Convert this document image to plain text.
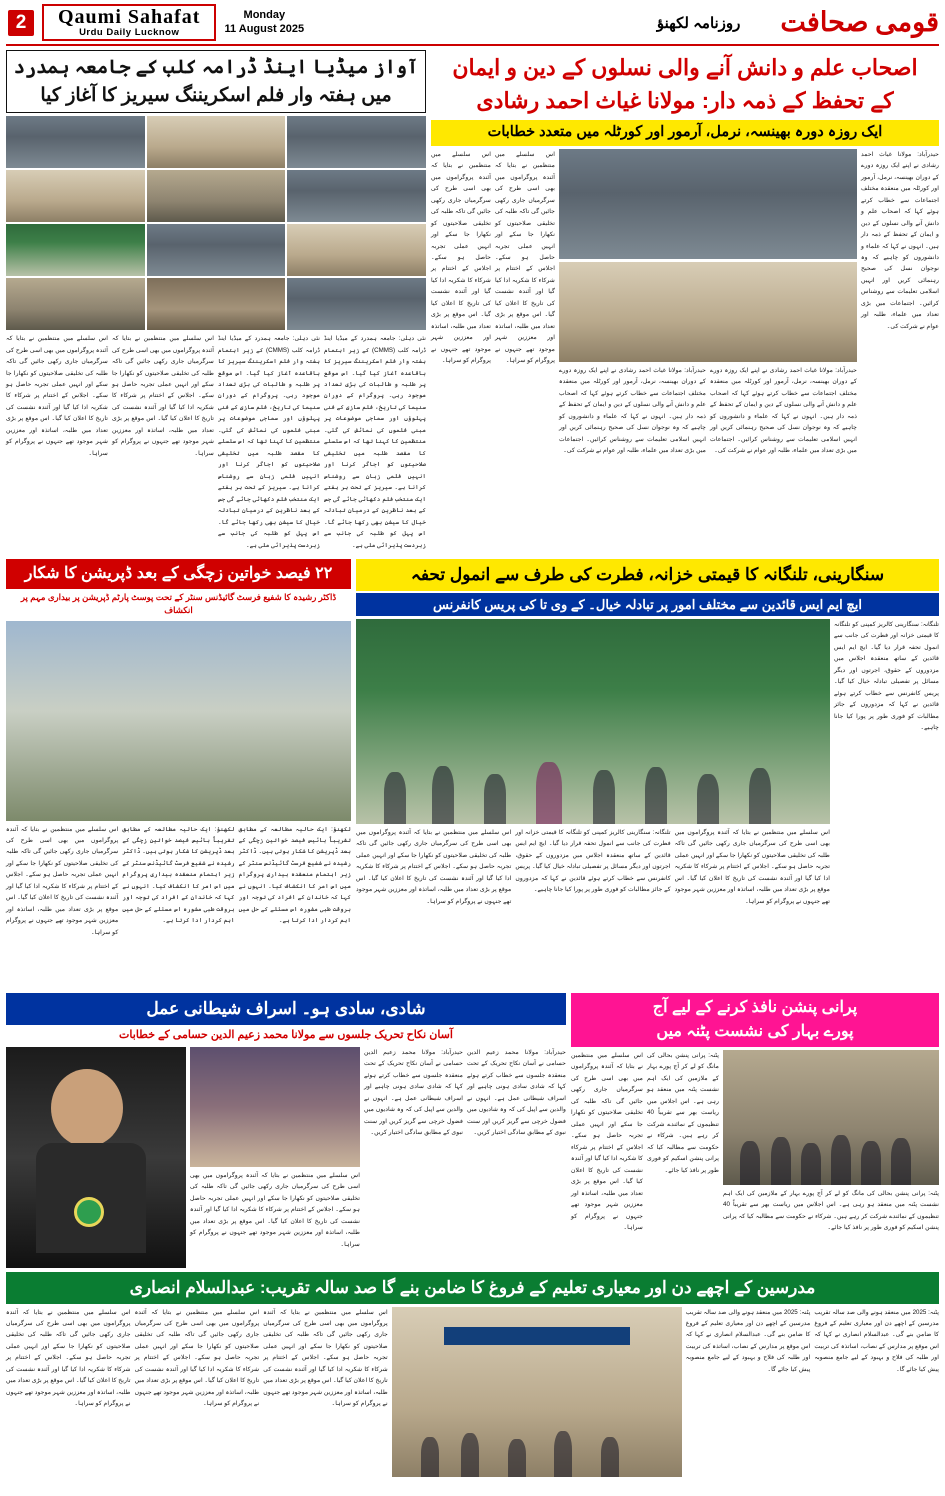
2	Qaumi Sahafat
Urdu Daily Lucknow
Monday
11 August 2025	روزنامہ لکھنؤ قومی صحافت
آواز میڈیا اینڈ ڈرامہ کلب کے جامعہ ہمدرد
میں ہفتہ وار فلم اسکریننگ سیریز کا آغاز کیا
اس سلسلے میں منتظمین نے بتایا کہ آئندہ پروگراموں میں بھی اسی طرح کی سرگرمیاں جاری رکھی جائیں گی تاکہ طلبہ کی تخلیقی صلاحیتوں کو نکھارا جا سکے اور انہیں عملی تجربہ حاصل ہو سکے۔ اجلاس کے اختتام پر شرکاء کا شکریہ ادا کیا گیا اور آئندہ نشست کی تاریخ کا اعلان کیا گیا۔ اس موقع پر بڑی تعداد میں طلبہ، اساتذہ اور معززین شہر موجود تھے جنہوں نے پروگرام کو سراہا۔
اس سلسلے میں منتظمین نے بتایا کہ آئندہ پروگراموں میں بھی اسی طرح کی سرگرمیاں جاری رکھی جائیں گی تاکہ طلبہ کی تخلیقی صلاحیتوں کو نکھارا جا سکے اور انہیں عملی تجربہ حاصل ہو سکے۔ اجلاس کے اختتام پر شرکاء کا شکریہ ادا کیا گیا اور آئندہ نشست کی تاریخ کا اعلان کیا گیا۔ اس موقع پر بڑی تعداد میں طلبہ، اساتذہ اور معززین شہر موجود تھے جنہوں نے پروگرام کو سراہا۔
نئی دہلی: جامعہ ہمدرد کے میڈیا اینڈ ڈرامہ کلب (CMMS) کے زیر اہتمام ہفتہ وار فلم اسکریننگ سیریز کا باقاعدہ آغاز کیا گیا۔ اس موقع پر طلبہ و طالبات کی بڑی تعداد موجود رہی۔ پروگرام کے دوران سنیما کی تاریخ، فلم سازی کے فنی پہلوؤں اور سماجی موضوعات پر مبنی فلموں کی نمائش کی گئی۔ منتظمین کا کہنا تھا کہ اس سلسلے کا مقصد طلبہ میں تخلیقی صلاحیتوں کو اجاگر کرنا اور انہیں فلمی زبان سے روشناس کرانا ہے۔ سیریز کے تحت ہر ہفتے ایک منتخب فلم دکھائی جائے گی جس کے بعد ناظرین کے درمیان تبادلہ خیال کا سیشن بھی رکھا جائے گا۔ اس پہل کو طلبہ کی جانب سے زبردست پذیرائی ملی ہے۔
نئی دہلی: جامعہ ہمدرد کے میڈیا اینڈ ڈرامہ کلب (CMMS) کے زیر اہتمام ہفتہ وار فلم اسکریننگ سیریز کا باقاعدہ آغاز کیا گیا۔ اس موقع پر طلبہ و طالبات کی بڑی تعداد موجود رہی۔ پروگرام کے دوران سنیما کی تاریخ، فلم سازی کے فنی پہلوؤں اور سماجی موضوعات پر مبنی فلموں کی نمائش کی گئی۔ منتظمین کا کہنا تھا کہ اس سلسلے کا مقصد طلبہ میں تخلیقی صلاحیتوں کو اجاگر کرنا اور انہیں فلمی زبان سے روشناس کرانا ہے۔ سیریز کے تحت ہر ہفتے ایک منتخب فلم دکھائی جائے گی جس کے بعد ناظرین کے درمیان تبادلہ خیال کا سیشن بھی رکھا جائے گا۔ اس پہل کو طلبہ کی جانب سے زبردست پذیرائی ملی ہے۔
اصحاب علم و دانش آنے والی نسلوں کے دین و ایمان
کے تحفظ کے ذمہ دار: مولانا غیاث احمد رشادی
ایک روزہ دورہ بھینسہ، نرمل، آرمور اور کورٹلہ میں متعدد خطابات
اس سلسلے میں منتظمین نے بتایا کہ آئندہ پروگراموں میں بھی اسی طرح کی سرگرمیاں جاری رکھی جائیں گی تاکہ طلبہ کی تخلیقی صلاحیتوں کو نکھارا جا سکے اور انہیں عملی تجربہ حاصل ہو سکے۔ اجلاس کے اختتام پر شرکاء کا شکریہ ادا کیا گیا اور آئندہ نشست کی تاریخ کا اعلان کیا گیا۔ اس موقع پر بڑی تعداد میں طلبہ، اساتذہ اور معززین شہر موجود تھے جنہوں نے پروگرام کو سراہا۔
اس سلسلے میں منتظمین نے بتایا کہ آئندہ پروگراموں میں بھی اسی طرح کی سرگرمیاں جاری رکھی جائیں گی تاکہ طلبہ کی تخلیقی صلاحیتوں کو نکھارا جا سکے اور انہیں عملی تجربہ حاصل ہو سکے۔ اجلاس کے اختتام پر شرکاء کا شکریہ ادا کیا گیا اور آئندہ نشست کی تاریخ کا اعلان کیا گیا۔ اس موقع پر بڑی تعداد میں طلبہ، اساتذہ اور معززین شہر موجود تھے جنہوں نے پروگرام کو سراہا۔
حیدرآباد: مولانا غیاث احمد رشادی نے اپنے ایک روزہ دورے کے دوران بھینسہ، نرمل، آرمور اور کورٹلہ میں منعقدہ مختلف اجتماعات سے خطاب کرتے ہوئے کہا کہ اصحاب علم و دانش آنے والی نسلوں کے دین و ایمان کے تحفظ کے ذمہ دار ہیں۔ انہوں نے کہا کہ علماء و دانشوروں کو چاہیے کہ وہ نوجوان نسل کی صحیح رہنمائی کریں اور انہیں اسلامی تعلیمات سے روشناس کرائیں۔ اجتماعات میں بڑی تعداد میں علماء، طلبہ اور عوام نے شرکت کی۔
حیدرآباد: مولانا غیاث احمد رشادی نے اپنے ایک روزہ دورے کے دوران بھینسہ، نرمل، آرمور اور کورٹلہ میں منعقدہ مختلف اجتماعات سے خطاب کرتے ہوئے کہا کہ اصحاب علم و دانش آنے والی نسلوں کے دین و ایمان کے تحفظ کے ذمہ دار ہیں۔ انہوں نے کہا کہ علماء و دانشوروں کو چاہیے کہ وہ نوجوان نسل کی صحیح رہنمائی کریں اور انہیں اسلامی تعلیمات سے روشناس کرائیں۔ اجتماعات میں بڑی تعداد میں علماء، طلبہ اور عوام نے شرکت کی۔
حیدرآباد: مولانا غیاث احمد رشادی نے اپنے ایک روزہ دورے کے دوران بھینسہ، نرمل، آرمور اور کورٹلہ میں منعقدہ مختلف اجتماعات سے خطاب کرتے ہوئے کہا کہ اصحاب علم و دانش آنے والی نسلوں کے دین و ایمان کے تحفظ کے ذمہ دار ہیں۔ انہوں نے کہا کہ علماء و دانشوروں کو چاہیے کہ وہ نوجوان نسل کی صحیح رہنمائی کریں اور انہیں اسلامی تعلیمات سے روشناس کرائیں۔ اجتماعات میں بڑی تعداد میں علماء، طلبہ اور عوام نے شرکت کی۔
۲۲ فیصد خواتین زچگی کے بعد ڈپریشن کا شکار
ڈاکٹر رشیدہ کا شفیع فرسٹ گائیڈنس سنٹر کے تحت پوسٹ پارٹم ڈپریشن پر بیداری مہم پر انکشاف
اس سلسلے میں منتظمین نے بتایا کہ آئندہ پروگراموں میں بھی اسی طرح کی سرگرمیاں جاری رکھی جائیں گی تاکہ طلبہ کی تخلیقی صلاحیتوں کو نکھارا جا سکے اور انہیں عملی تجربہ حاصل ہو سکے۔ اجلاس کے اختتام پر شرکاء کا شکریہ ادا کیا گیا اور آئندہ نشست کی تاریخ کا اعلان کیا گیا۔ اس موقع پر بڑی تعداد میں طلبہ، اساتذہ اور معززین شہر موجود تھے جنہوں نے پروگرام کو سراہا۔
لکھنؤ: ایک حالیہ مطالعہ کے مطابق تقریباً بائیس فیصد خواتین زچگی کے بعد ڈپریشن کا شکار ہوتی ہیں۔ ڈاکٹر رشیدہ نے شفیع فرسٹ گائیڈنس سنٹر کے زیر اہتمام منعقدہ بیداری پروگرام میں اس امر کا انکشاف کیا۔ انہوں نے کہا کہ خاندان کے افراد کی توجہ اور بروقت طبی مشورہ اس مسئلے کے حل میں اہم کردار ادا کرتا ہے۔
لکھنؤ: ایک حالیہ مطالعہ کے مطابق تقریباً بائیس فیصد خواتین زچگی کے بعد ڈپریشن کا شکار ہوتی ہیں۔ ڈاکٹر رشیدہ نے شفیع فرسٹ گائیڈنس سنٹر کے زیر اہتمام منعقدہ بیداری پروگرام میں اس امر کا انکشاف کیا۔ انہوں نے کہا کہ خاندان کے افراد کی توجہ اور بروقت طبی مشورہ اس مسئلے کے حل میں اہم کردار ادا کرتا ہے۔
سنگارینی، تلنگانہ کا قیمتی خزانہ، فطرت کی طرف سے انمول تحفہ
ایچ ایم ایس قائدین سے مختلف امور پر تبادلہ خیال۔ کے وی تا کی پریس کانفرنس
اس سلسلے میں منتظمین نے بتایا کہ آئندہ پروگراموں میں بھی اسی طرح کی سرگرمیاں جاری رکھی جائیں گی تاکہ طلبہ کی تخلیقی صلاحیتوں کو نکھارا جا سکے اور انہیں عملی تجربہ حاصل ہو سکے۔ اجلاس کے اختتام پر شرکاء کا شکریہ ادا کیا گیا اور آئندہ نشست کی تاریخ کا اعلان کیا گیا۔ اس موقع پر بڑی تعداد میں طلبہ، اساتذہ اور معززین شہر موجود تھے جنہوں نے پروگرام کو سراہا۔
تلنگانہ: سنگارینی کالریز کمپنی کو تلنگانہ کا قیمتی خزانہ اور فطرت کی جانب سے انمول تحفہ قرار دیا گیا۔ ایچ ایم ایس قائدین کے ساتھ منعقدہ اجلاس میں مزدوروں کے حقوق، اجرتوں اور دیگر مسائل پر تفصیلی تبادلہ خیال کیا گیا۔ پریس کانفرنس سے خطاب کرتے ہوئے قائدین نے کہا کہ مزدوروں کے جائز مطالبات کو فوری طور پر پورا کیا جانا چاہیے۔
اس سلسلے میں منتظمین نے بتایا کہ آئندہ پروگراموں میں بھی اسی طرح کی سرگرمیاں جاری رکھی جائیں گی تاکہ طلبہ کی تخلیقی صلاحیتوں کو نکھارا جا سکے اور انہیں عملی تجربہ حاصل ہو سکے۔ اجلاس کے اختتام پر شرکاء کا شکریہ ادا کیا گیا اور آئندہ نشست کی تاریخ کا اعلان کیا گیا۔ اس موقع پر بڑی تعداد میں طلبہ، اساتذہ اور معززین شہر موجود تھے جنہوں نے پروگرام کو سراہا۔
تلنگانہ: سنگارینی کالریز کمپنی کو تلنگانہ کا قیمتی خزانہ اور فطرت کی جانب سے انمول تحفہ قرار دیا گیا۔ ایچ ایم ایس قائدین کے ساتھ منعقدہ اجلاس میں مزدوروں کے حقوق، اجرتوں اور دیگر مسائل پر تفصیلی تبادلہ خیال کیا گیا۔ پریس کانفرنس سے خطاب کرتے ہوئے قائدین نے کہا کہ مزدوروں کے جائز مطالبات کو فوری طور پر پورا کیا جانا چاہیے۔
شادی، سادی ہو۔ اسراف شیطانی عمل
آسان نکاح تحریک جلسوں سے مولانا محمد زعیم الدین حسامی کے خطابات
اس سلسلے میں منتظمین نے بتایا کہ آئندہ پروگراموں میں بھی اسی طرح کی سرگرمیاں جاری رکھی جائیں گی تاکہ طلبہ کی تخلیقی صلاحیتوں کو نکھارا جا سکے اور انہیں عملی تجربہ حاصل ہو سکے۔ اجلاس کے اختتام پر شرکاء کا شکریہ ادا کیا گیا اور آئندہ نشست کی تاریخ کا اعلان کیا گیا۔ اس موقع پر بڑی تعداد میں طلبہ، اساتذہ اور معززین شہر موجود تھے جنہوں نے پروگرام کو سراہا۔
حیدرآباد: مولانا محمد زعیم الدین حسامی نے آسان نکاح تحریک کے تحت منعقدہ جلسوں سے خطاب کرتے ہوئے کہا کہ شادی سادی ہونی چاہیے اور اسراف شیطانی عمل ہے۔ انہوں نے والدین سے اپیل کی کہ وہ شادیوں میں فضول خرچی سے گریز کریں اور سنت نبوی کے مطابق سادگی اختیار کریں۔
حیدرآباد: مولانا محمد زعیم الدین حسامی نے آسان نکاح تحریک کے تحت منعقدہ جلسوں سے خطاب کرتے ہوئے کہا کہ شادی سادی ہونی چاہیے اور اسراف شیطانی عمل ہے۔ انہوں نے والدین سے اپیل کی کہ وہ شادیوں میں فضول خرچی سے گریز کریں اور سنت نبوی کے مطابق سادگی اختیار کریں۔
پرانی پنشن نافذ کرنے کے لیے آج
پورے بہار کی نشست پٹنہ میں
اس سلسلے میں منتظمین نے بتایا کہ آئندہ پروگراموں میں بھی اسی طرح کی سرگرمیاں جاری رکھی جائیں گی تاکہ طلبہ کی تخلیقی صلاحیتوں کو نکھارا جا سکے اور انہیں عملی تجربہ حاصل ہو سکے۔ اجلاس کے اختتام پر شرکاء کا شکریہ ادا کیا گیا اور آئندہ نشست کی تاریخ کا اعلان کیا گیا۔ اس موقع پر بڑی تعداد میں طلبہ، اساتذہ اور معززین شہر موجود تھے جنہوں نے پروگرام کو سراہا۔
پٹنہ: پرانی پنشن بحالی کی مانگ کو لے کر آج پورے بہار کے ملازمین کی ایک اہم نشست پٹنہ میں منعقد ہو رہی ہے۔ اس اجلاس میں ریاست بھر سے تقریباً 40 تنظیموں کے نمائندے شرکت کر رہے ہیں۔ شرکاء نے حکومت سے مطالبہ کیا کہ پرانی پنشن اسکیم کو فوری طور پر نافذ کیا جائے۔
پٹنہ: پرانی پنشن بحالی کی مانگ کو لے کر آج پورے بہار کے ملازمین کی ایک اہم نشست پٹنہ میں منعقد ہو رہی ہے۔ اس اجلاس میں ریاست بھر سے تقریباً 40 تنظیموں کے نمائندے شرکت کر رہے ہیں۔ شرکاء نے حکومت سے مطالبہ کیا کہ پرانی پنشن اسکیم کو فوری طور پر نافذ کیا جائے۔
مدرسین کے اچھے دن اور معیاری تعلیم کے فروغ کا ضامن بنے گا صد سالہ تقریب: عبدالسلام انصاری
اس سلسلے میں منتظمین نے بتایا کہ آئندہ پروگراموں میں بھی اسی طرح کی سرگرمیاں جاری رکھی جائیں گی تاکہ طلبہ کی تخلیقی صلاحیتوں کو نکھارا جا سکے اور انہیں عملی تجربہ حاصل ہو سکے۔ اجلاس کے اختتام پر شرکاء کا شکریہ ادا کیا گیا اور آئندہ نشست کی تاریخ کا اعلان کیا گیا۔ اس موقع پر بڑی تعداد میں طلبہ، اساتذہ اور معززین شہر موجود تھے جنہوں نے پروگرام کو سراہا۔
اس سلسلے میں منتظمین نے بتایا کہ آئندہ پروگراموں میں بھی اسی طرح کی سرگرمیاں جاری رکھی جائیں گی تاکہ طلبہ کی تخلیقی صلاحیتوں کو نکھارا جا سکے اور انہیں عملی تجربہ حاصل ہو سکے۔ اجلاس کے اختتام پر شرکاء کا شکریہ ادا کیا گیا اور آئندہ نشست کی تاریخ کا اعلان کیا گیا۔ اس موقع پر بڑی تعداد میں طلبہ، اساتذہ اور معززین شہر موجود تھے جنہوں نے پروگرام کو سراہا۔
اس سلسلے میں منتظمین نے بتایا کہ آئندہ پروگراموں میں بھی اسی طرح کی سرگرمیاں جاری رکھی جائیں گی تاکہ طلبہ کی تخلیقی صلاحیتوں کو نکھارا جا سکے اور انہیں عملی تجربہ حاصل ہو سکے۔ اجلاس کے اختتام پر شرکاء کا شکریہ ادا کیا گیا اور آئندہ نشست کی تاریخ کا اعلان کیا گیا۔ اس موقع پر بڑی تعداد میں طلبہ، اساتذہ اور معززین شہر موجود تھے جنہوں نے پروگرام کو سراہا۔
پٹنہ: 2025 میں منعقد ہونے والی صد سالہ تقریب مدرسین کے اچھے دن اور معیاری تعلیم کے فروغ کا ضامن بنے گی۔ عبدالسلام انصاری نے کہا کہ اس موقع پر مدارس کے نصاب، اساتذہ کی تربیت اور طلبہ کی فلاح و بہبود کے لیے جامع منصوبہ پیش کیا جائے گا۔
پٹنہ: 2025 میں منعقد ہونے والی صد سالہ تقریب مدرسین کے اچھے دن اور معیاری تعلیم کے فروغ کا ضامن بنے گی۔ عبدالسلام انصاری نے کہا کہ اس موقع پر مدارس کے نصاب، اساتذہ کی تربیت اور طلبہ کی فلاح و بہبود کے لیے جامع منصوبہ پیش کیا جائے گا۔
